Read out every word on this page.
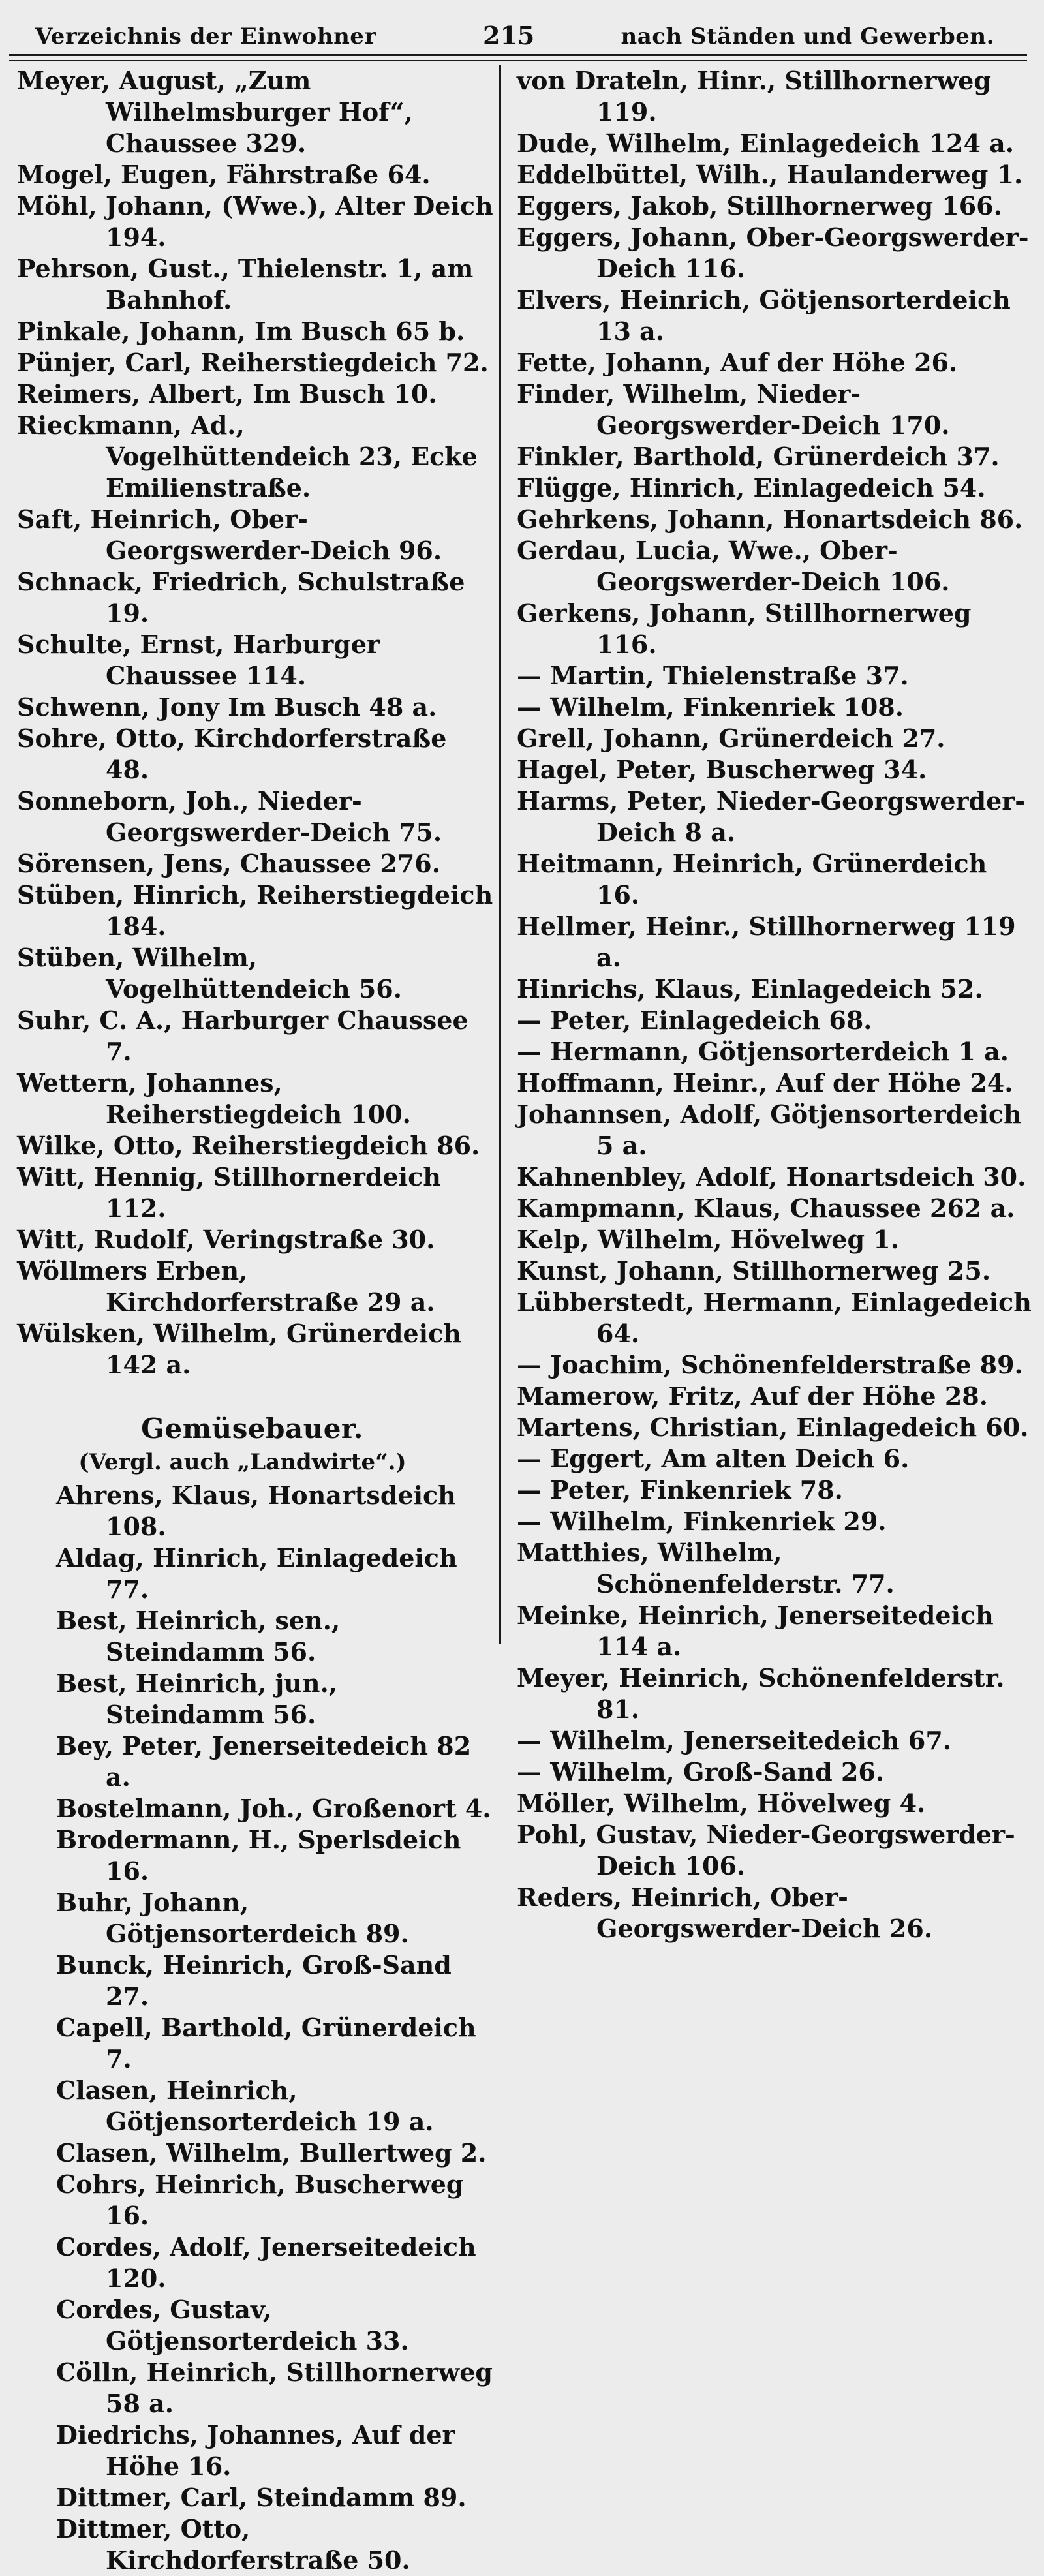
Verzeichnis der Einwohner	215	nach Ständen und Gewerben.
Meyer, August, „Zum Wilhelmsburger Hof“, Chaussee 329.
Mogel, Eugen, Fährstraße 64.
Möhl, Johann, (Wwe.), Alter Deich 194.
Pehrson, Gust., Thielenstr. 1, am Bahnhof.
Pinkale, Johann, Im Busch 65 b.
Pünjer, Carl, Reiherstiegdeich 72.
Reimers, Albert, Im Busch 10.
Rieckmann, Ad., Vogelhüttendeich 23, Ecke Emilienstraße.
Saft, Heinrich, Ober-Georgswerder-Deich 96.
Schnack, Friedrich, Schulstraße 19.
Schulte, Ernst, Harburger Chaussee 114.
Schwenn, Jony Im Busch 48 a.
Sohre, Otto, Kirchdorferstraße 48.
Sonneborn, Joh., Nieder-Georgswerder-Deich 75.
Sörensen, Jens, Chaussee 276.
Stüben, Hinrich, Reiherstiegdeich 184.
Stüben, Wilhelm, Vogelhüttendeich 56.
Suhr, C. A., Harburger Chaussee 7.
Wettern, Johannes, Reiherstiegdeich 100.
Wilke, Otto, Reiherstiegdeich 86.
Witt, Hennig, Stillhornerdeich 112.
Witt, Rudolf, Veringstraße 30.
Wöllmers Erben, Kirchdorferstraße 29 a.
Wülsken, Wilhelm, Grünerdeich 142 a.
Gemüsebauer.
(Vergl. auch „Landwirte“.)
Ahrens, Klaus, Honartsdeich 108.
Aldag, Hinrich, Einlagedeich 77.
Best, Heinrich, sen., Steindamm 56.
Best, Heinrich, jun., Steindamm 56.
Bey, Peter, Jenerseitedeich 82 a.
Bostelmann, Joh., Großenort 4.
Brodermann, H., Sperlsdeich 16.
Buhr, Johann, Götjensorterdeich 89.
Bunck, Heinrich, Groß-Sand 27.
Capell, Barthold, Grünerdeich 7.
Clasen, Heinrich, Götjensorterdeich 19 a.
Clasen, Wilhelm, Bullertweg 2.
Cohrs, Heinrich, Buscherweg 16.
Cordes, Adolf, Jenerseitedeich 120.
Cordes, Gustav, Götjensorterdeich 33.
Cölln, Heinrich, Stillhornerweg 58 a.
Diedrichs, Johannes, Auf der Höhe 16.
Dittmer, Carl, Steindamm 89.
Dittmer, Otto, Kirchdorferstraße 50.
von Drateln, Hinr., Stillhornerweg 119.
Dude, Wilhelm, Einlagedeich 124 a.
Eddelbüttel, Wilh., Haulanderweg 1.
Eggers, Jakob, Stillhornerweg 166.
Eggers, Johann, Ober-Georgswerder-Deich 116.
Elvers, Heinrich, Götjensorterdeich 13 a.
Fette, Johann, Auf der Höhe 26.
Finder, Wilhelm, Nieder-Georgswerder-Deich 170.
Finkler, Barthold, Grünerdeich 37.
Flügge, Hinrich, Einlagedeich 54.
Gehrkens, Johann, Honartsdeich 86.
Gerdau, Lucia, Wwe., Ober-Georgswerder-Deich 106.
Gerkens, Johann, Stillhornerweg 116.
— Martin, Thielenstraße 37.
— Wilhelm, Finkenriek 108.
Grell, Johann, Grünerdeich 27.
Hagel, Peter, Buscherweg 34.
Harms, Peter, Nieder-Georgswerder-Deich 8 a.
Heitmann, Heinrich, Grünerdeich 16.
Hellmer, Heinr., Stillhornerweg 119 a.
Hinrichs, Klaus, Einlagedeich 52.
— Peter, Einlagedeich 68.
— Hermann, Götjensorterdeich 1 a.
Hoffmann, Heinr., Auf der Höhe 24.
Johannsen, Adolf, Götjensorterdeich 5 a.
Kahnenbley, Adolf, Honartsdeich 30.
Kampmann, Klaus, Chaussee 262 a.
Kelp, Wilhelm, Hövelweg 1.
Kunst, Johann, Stillhornerweg 25.
Lübberstedt, Hermann, Einlagedeich 64.
— Joachim, Schönenfelderstraße 89.
Mamerow, Fritz, Auf der Höhe 28.
Martens, Christian, Einlagedeich 60.
— Eggert, Am alten Deich 6.
— Peter, Finkenriek 78.
— Wilhelm, Finkenriek 29.
Matthies, Wilhelm, Schönenfelderstr. 77.
Meinke, Heinrich, Jenerseitedeich 114 a.
Meyer, Heinrich, Schönenfelderstr. 81.
— Wilhelm, Jenerseitedeich 67.
— Wilhelm, Groß-Sand 26.
Möller, Wilhelm, Hövelweg 4.
Pohl, Gustav, Nieder-Georgswerder-Deich 106.
Reders, Heinrich, Ober-Georgswerder-Deich 26.
